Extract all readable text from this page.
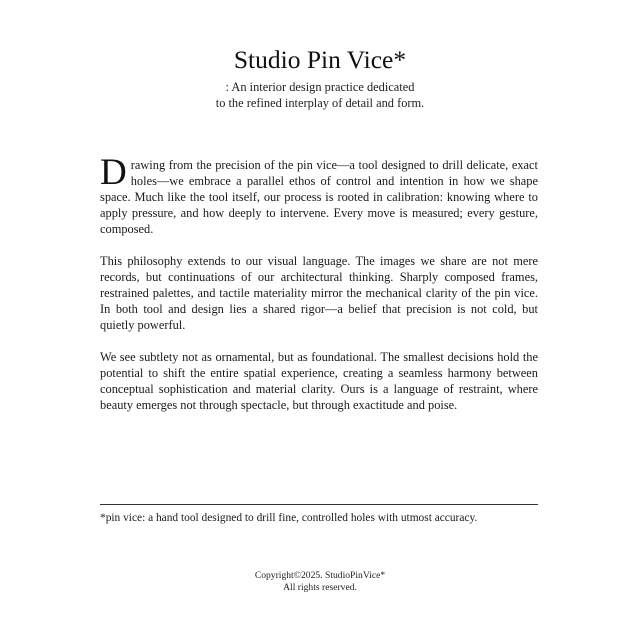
Studio Pin Vice*
: An interior design practice dedicated
to the refined interplay of detail and form.

Drawing from the precision of the pin vice—a tool designed to drill delicate, exact holes—we embrace a parallel ethos of control and intention in how we shape space. Much like the tool itself, our process is rooted in calibration: knowing where to apply pressure, and how deeply to intervene. Every move is measured; every gesture, composed.

This philosophy extends to our visual language. The images we share are not mere records, but continuations of our architectural thinking. Sharply composed frames, restrained palettes, and tactile materiality mirror the mechanical clarity of the pin vice. In both tool and design lies a shared rigor—a belief that precision is not cold, but quietly powerful.

We see subtlety not as ornamental, but as foundational. The smallest decisions hold the potential to shift the entire spatial experience, creating a seamless harmony between conceptual sophistication and material clarity. Ours is a language of restraint, where beauty emerges not through spectacle, but through exactitude and poise.

*pin vice: a hand tool designed to drill fine, controlled holes with utmost accuracy.
Copyright©2025. StudioPinVice*
All rights reserved.
